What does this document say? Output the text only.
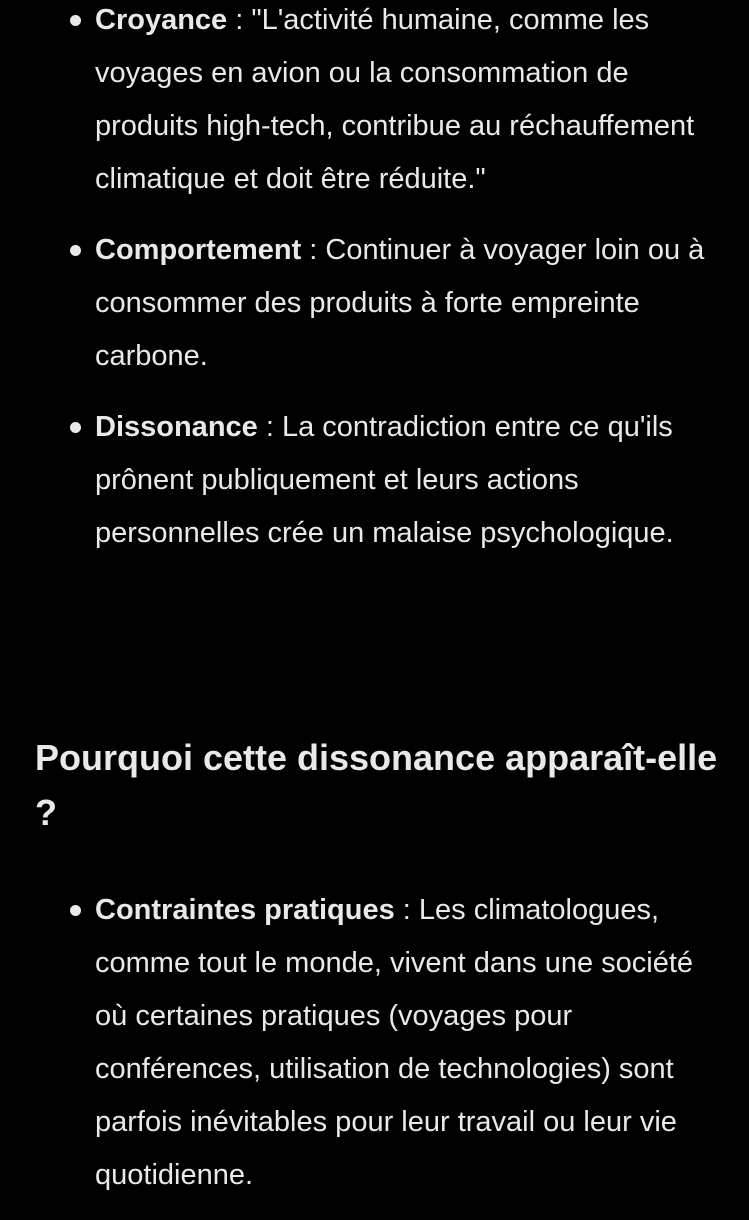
Croyance : "L'activité humaine, comme les voyages en avion ou la consommation de produits high-tech, contribue au réchauffement climatique et doit être réduite."
Comportement : Continuer à voyager loin ou à consommer des produits à forte empreinte carbone.
Dissonance : La contradiction entre ce qu'ils prônent publiquement et leurs actions personnelles crée un malaise psychologique.
Pourquoi cette dissonance apparaît-elle ?
Contraintes pratiques : Les climatologues, comme tout le monde, vivent dans une société où certaines pratiques (voyages pour conférences, utilisation de technologies) sont parfois inévitables pour leur travail ou leur vie quotidienne.
